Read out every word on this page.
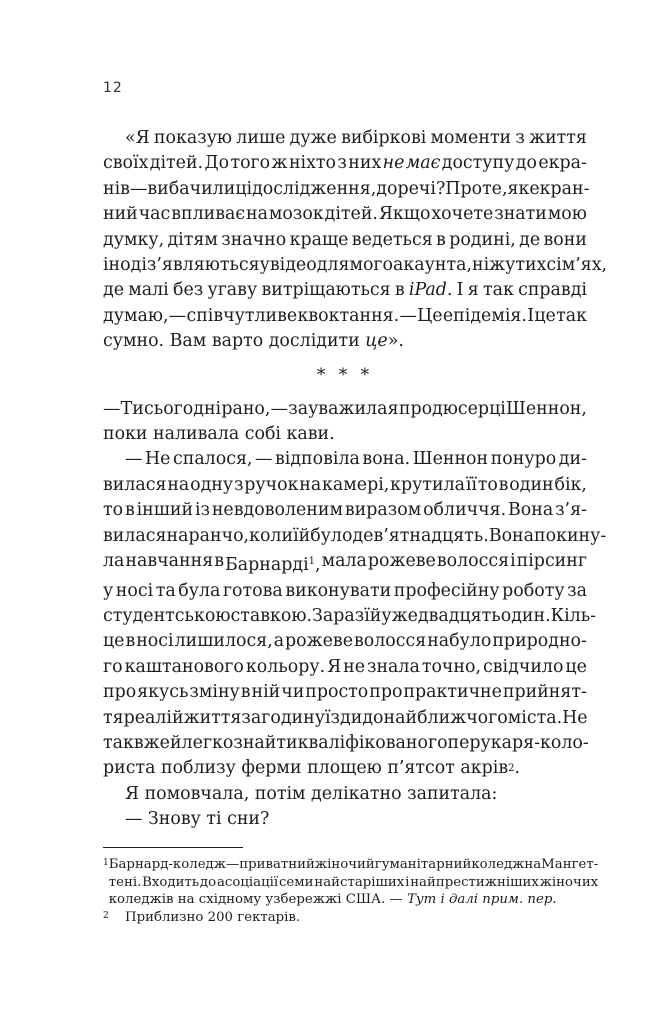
12
«Я показую лише дуже вибіркові моменти з життя
своїх дітей. До того ж ніхто з них не має доступу до екра-
нів — ви бачили ці дослідження, до речі? Про те, як екран-
ний час впливає на мозок дітей. Якщо хочете знати мою
думку, дітям значно краще ведеться в родині, де вони
іноді з’являються у відео для мого акаунта, ніж у тих сім’ях,
де малі без угаву витріщаються в iPad. І я так справді
думаю, — співчутливе квоктання. — Це епідемія. І це так
сумно. Вам варто дослідити це ».
* * *
— Ти сьогодні рано, — зауважила я продюсерці Шеннон,
поки наливала собі кави.
— Не спалося, — відповіла вона. Шеннон понуро ди-
вилася на одну з ручок на камері, крутила її то в один бік,
то в інший із невдоволеним виразом обличчя. Вона з’я-
вилася на ранчо, коли їй було дев’ятнадцять. Вона покину-
ла навчання в Барнарді$^1$, мала рожеве волосся і пірсинг
у носі та була готова виконувати професійну роботу за
студентською ставкою. Зараз їй уже двадцять один. Кіль-
це в носі лишилося, а рожеве волосся набуло природно-
го каштанового кольору. Я не знала точно, свідчило це
про якусь зміну в ній чи просто про практичне прийнят-
тя реалій життя за годину їзди до найближчого міста. Не
так вже й легко знайти кваліфікованого перукаря-коло-
риста поблизу ферми площею п’ятсот акрів 2 .
Я помовчала, потім делікатно запитала:
— Знову ті сни?
1 Барнард-коледж — приватний жіночий гуманітарний коледж на Мангет-
тені. Входить до асоціації семи найстаріших і найпрестижніших жіночих
коледжів на східному узбережжі США. — Тут і далі прим. пер.
2	Приблизно 200 гектарів.
